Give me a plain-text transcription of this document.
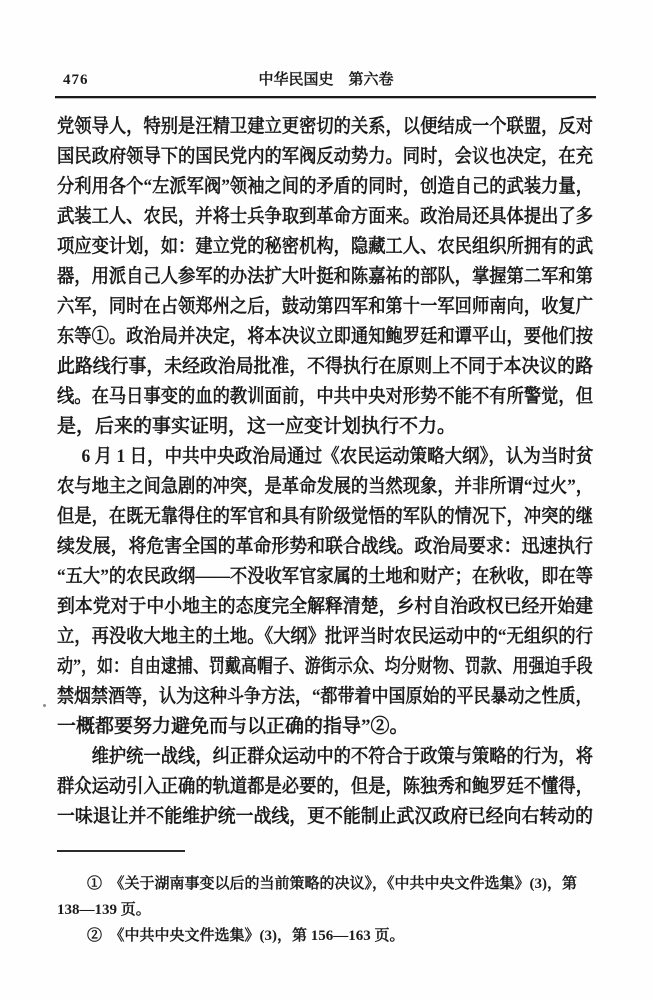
476	中华民国史　第六卷
党领导人，特别是汪精卫建立更密切的关系，以便结成一个联盟，反对
国民政府领导下的国民党内的军阀反动势力。同时，会议也决定，在充
分利用各个“左派军阀”领袖之间的矛盾的同时，创造自己的武装力量，
武装工人、农民，并将士兵争取到革命方面来。政治局还具体提出了多
项应变计划，如：建立党的秘密机构，隐藏工人、农民组织所拥有的武
器，用派自己人参军的办法扩大叶挺和陈嘉祐的部队，掌握第二军和第
六军，同时在占领郑州之后，鼓动第四军和第十一军回师南向，收复广
东等①。政治局并决定，将本决议立即通知鲍罗廷和谭平山，要他们按
此路线行事，未经政治局批准，不得执行在原则上不同于本决议的路
线。在马日事变的血的教训面前，中共中央对形势不能不有所警觉，但
是，后来的事实证明，这一应变计划执行不力。
6 月 1 日，中共中央政治局通过《农民运动策略大纲》，认为当时贫
农与地主之间急剧的冲突，是革命发展的当然现象，并非所谓“过火”，
但是，在既无靠得住的军官和具有阶级觉悟的军队的情况下，冲突的继
续发展，将危害全国的革命形势和联合战线。政治局要求：迅速执行
“五大”的农民政纲——不没收军官家属的土地和财产；在秋收，即在等
到本党对于中小地主的态度完全解释清楚，乡村自治政权已经开始建
立，再没收大地主的土地。《大纲》批评当时农民运动中的“无组织的行
动”，如：自由逮捕、罚戴高帽子、游街示众、均分财物、罚款、用强迫手段
禁烟禁酒等，认为这种斗争方法，“都带着中国原始的平民暴动之性质，
一概都要努力避免而与以正确的指导”②。
维护统一战线，纠正群众运动中的不符合于政策与策略的行为，将
群众运动引入正确的轨道都是必要的，但是，陈独秀和鲍罗廷不懂得，
一味退让并不能维护统一战线，更不能制止武汉政府已经向右转动的
①　《关于湖南事变以后的当前策略的决议》，《中共中央文件选集》(3)，第
138—139 页。
②　《中共中央文件选集》(3)，第 156—163 页。
